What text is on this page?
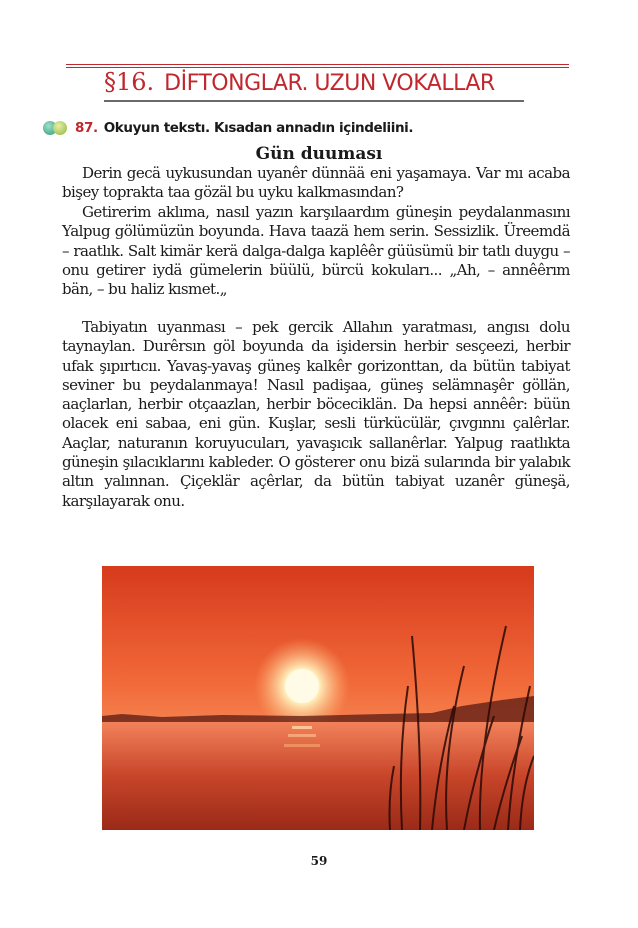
§16. DİFTONGLAR. UZUN VOKALLAR
87. Okuyun tekstı. Kısadan annadın içindeliini.
Gün duuması

Derin gecä uykusundan uyanêr dünnää eni yaşamaya. Var mı acaba bişey toprakta taa gözäl bu uyku kalkmasından?

Getirerim aklıma, nasıl yazın karşılaardım güneşin peydalanmasını Yalpug gölümüzün boyunda. Hava taazä hem serin. Sessizlik. Üreemdä – raatlık. Salt kimär kerä dalga-dalga kaplêêr güüsümü bir tatlı duygu – onu getirer iydä gümelerin büülü, bürcü kokuları... „Ah, – annêêrım bän, – bu haliz kısmet.„

Tabiyatın uyanması – pek gercik Allahın yaratması, angısı dolu taynaylan. Durêrsın göl boyunda da işidersin herbir sesçeezi, herbir ufak şıpırtıcıı. Yavaş-yavaş güneş kalkêr gorizonttan, da bütün tabiyat seviner bu peydalanmaya! Nasıl padişaa, güneş selämnaşêr göllän, aaçlarlan, herbir otçaazlan, herbir böceciklän. Da hepsi annêêr: büün olacek eni sabaa, eni gün. Kuşlar, sesli türkücülär, çıvgınnı çalêrlar. Aaçlar, naturanın koruyucuları, yavaşıcık sallanêrlar. Yalpug raatlıkta güneşin şılacıklarını kableder. O gösterer onu bizä sularında bir yalabık altın yalınnan. Çiçeklär açêrlar, da bütün tabiyat uzanêr güneşä, karşılayarak onu.

59
